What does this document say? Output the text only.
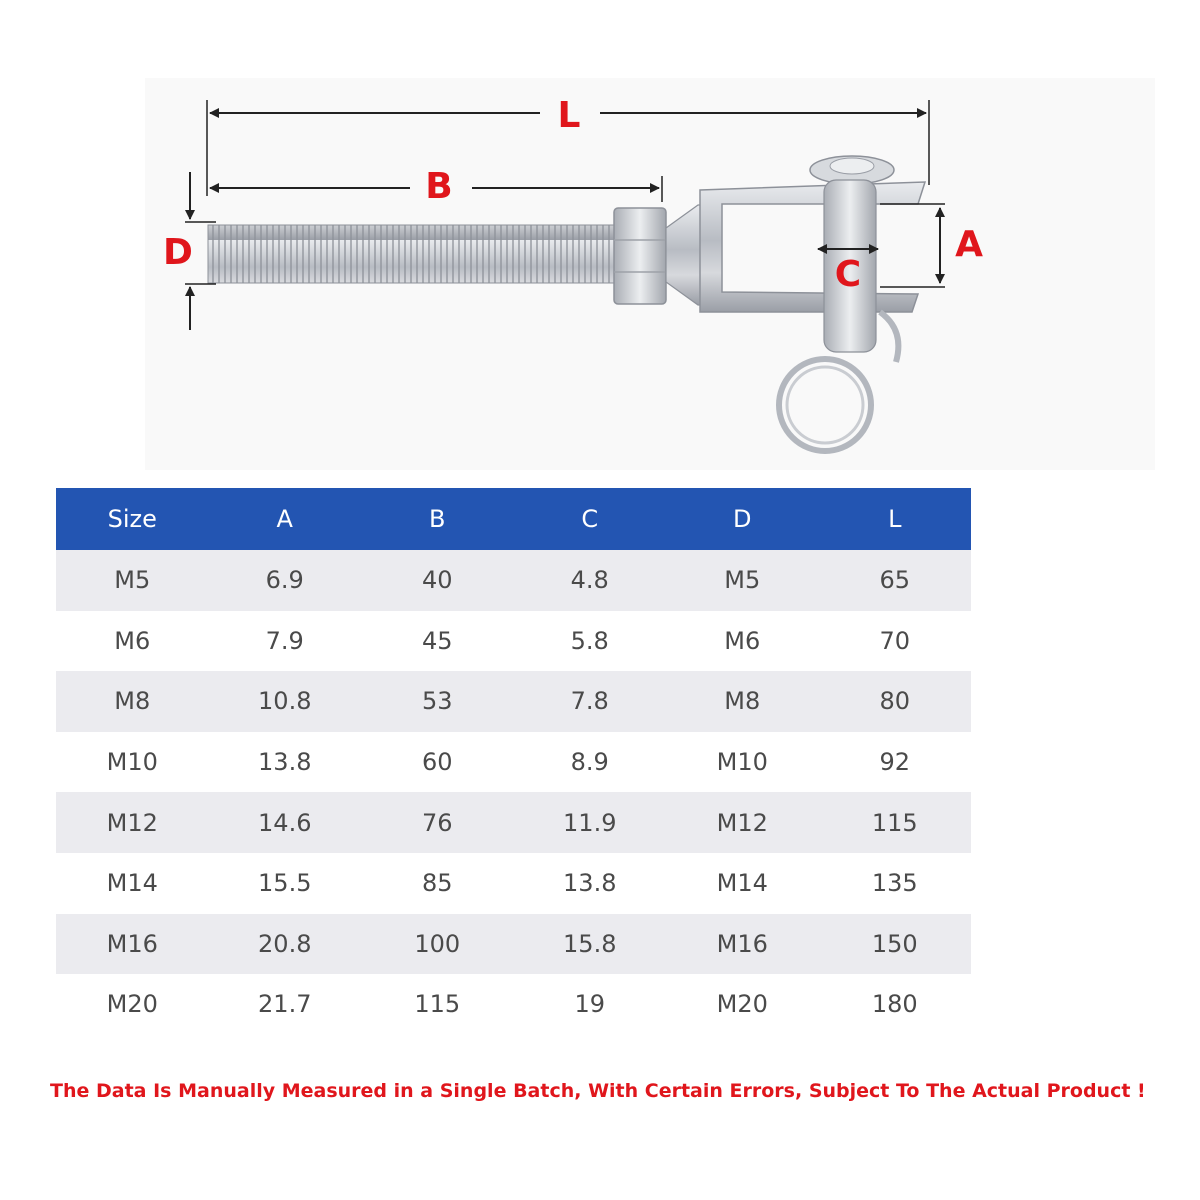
L
B
D	A
C
Size	A	B	C	D	L
M5	6.9	40	4.8	M5	65
M6	7.9	45	5.8	M6	70
M8	10.8	53	7.8	M8	80
M10	13.8	60	8.9	M10	92
M12	14.6	76	11.9	M12	115
M14	15.5	85	13.8	M14	135
M16	20.8	100	15.8	M16	150
M20	21.7	115	19	M20	180
The Data Is Manually Measured in a Single Batch, With Certain Errors, Subject To The Actual Product !
